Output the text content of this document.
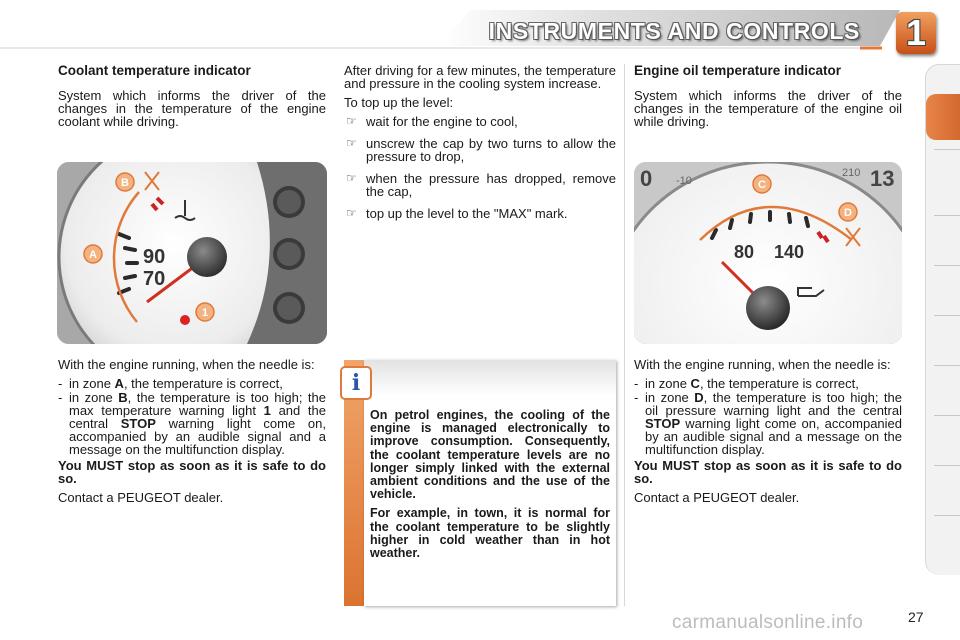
INSTRUMENTS AND CONTROLS 1
Coolant temperature indicator

System which informs the driver of the changes in the temperature of the engine coolant while driving.

90
70
B
A
1

With the engine running, when the needle is:

- in zone A, the temperature is correct,
- in zone B, the temperature is too high; the max temperature warning light 1 and the central STOP warning light come on, accompanied by an audible signal and a message on the multifunction display.

You MUST stop as soon as it is safe to do so.

Contact a PEUGEOT dealer.

After driving for a few minutes, the temperature and pressure in the cooling system increase.

To top up the level:

☞ wait for the engine to cool,
☞ unscrew the cap by two turns to allow the pressure to drop,
☞ when the pressure has dropped, remove the cap,
☞ top up the level to the "MAX" mark.
i

On petrol engines, the cooling of the engine is managed electronically to improve consumption. Consequently, the coolant temperature levels are no longer simply linked with the external ambient conditions and the use of the vehicle.

For example, in town, it is normal for the coolant temperature to be slightly higher in cold weather than in hot weather.

Engine oil temperature indicator

System which informs the driver of the changes in the temperature of the engine oil while driving.

0 -10
210 13
80 140
C
D

With the engine running, when the needle is:

- in zone C, the temperature is correct,
- in zone D, the temperature is too high; the oil pressure warning light and the central STOP warning light come on, accompanied by an audible signal and a message on the multifunction display.

You MUST stop as soon as it is safe to do so.

Contact a PEUGEOT dealer.

carmanualsonline.info	27
